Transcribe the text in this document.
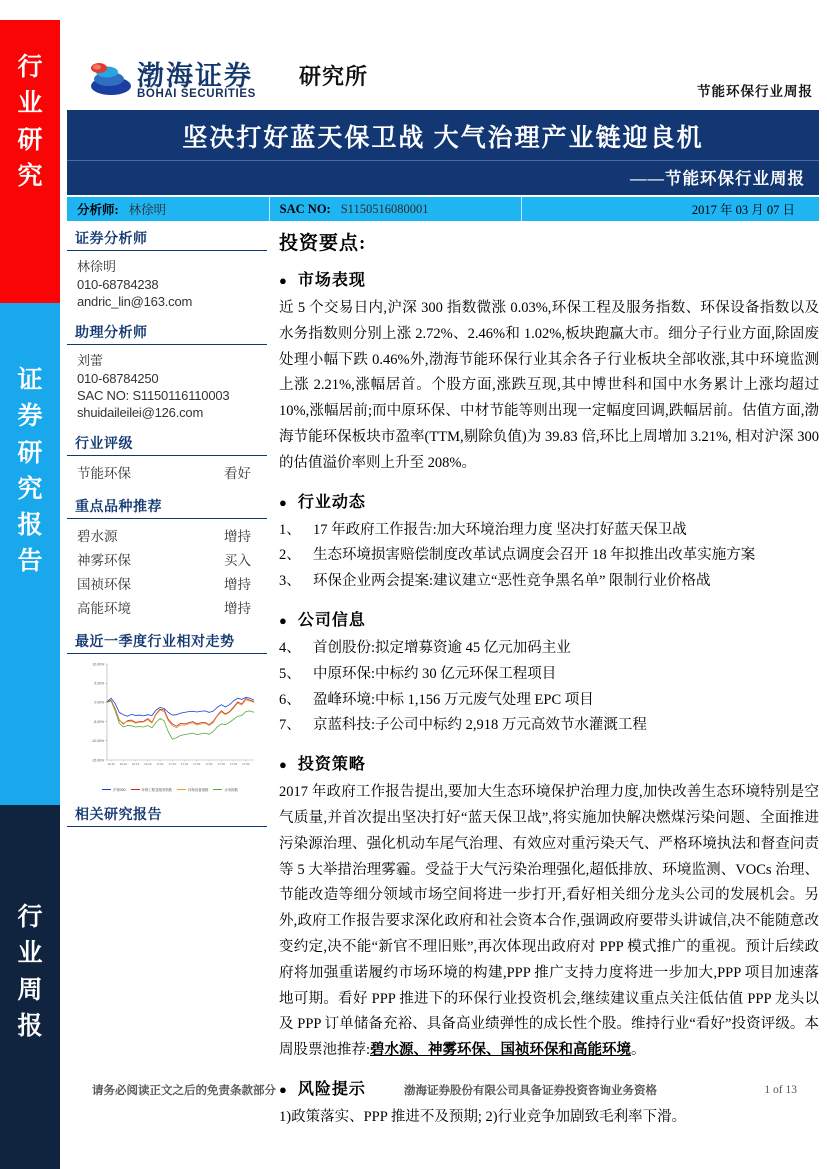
行
业
研
究
证
券
研
究
报
告
行
业
周
报
渤海证券
BOHAI SECURITIES
研究所
节能环保行业周报
坚决打好蓝天保卫战 大气治理产业链迎良机
——节能环保行业周报
分析师: 林徐明	SAC NO: S1150516080001	2017 年 03 月 07 日
证券分析师
林徐明
010-68784238
andric_lin@163.com
助理分析师
刘蕾
010-68784250
SAC NO: S1150116110003
shuidaileilei@126.com
行业评级
节能环保	看好
重点品种推荐
碧水源	增持
神雾环保	买入
国祯环保	增持
高能环境	增持
最近一季度行业相对走势
10.00%
5.00%
0.00%
-5.00%
-10.00%
-15.00%
16-12 16-12 16-12 16-12 17-01 17-01 17-01 17-01 17-01 17-02 17-02 17-02
沪深300	环保工程及服务指数	环保设备指数	水务指数
相关研究报告
投资要点:
● 市场表现

近 5 个交易日内,沪深 300 指数微涨 0.03%,环保工程及服务指数、环保设备指数以及水务指数则分别上涨 2.72%、2.46%和 1.02%,板块跑赢大市。细分子行业方面,除固废处理小幅下跌 0.46%外,渤海节能环保行业其余各子行业板块全部收涨,其中环境监测上涨 2.21%,涨幅居首。个股方面,涨跌互现,其中博世科和国中水务累计上涨均超过 10%,涨幅居前;而中原环保、中材节能等则出现一定幅度回调,跌幅居前。估值方面,渤海节能环保板块市盈率(TTM,剔除负值)为 39.83 倍,环比上周增加 3.21%, 相对沪深 300 的估值溢价率则上升至 208%。

● 行业动态
1、 17 年政府工作报告:加大环境治理力度 坚决打好蓝天保卫战
2、 生态环境损害赔偿制度改革试点调度会召开 18 年拟推出改革实施方案
3、 环保企业两会提案:建议建立“恶性竞争黑名单” 限制行业价格战
● 公司信息
4、 首创股份:拟定增募资逾 45 亿元加码主业
5、 中原环保:中标约 30 亿元环保工程项目
6、 盈峰环境:中标 1,156 万元废气处理 EPC 项目
7、 京蓝科技:子公司中标约 2,918 万元高效节水灌溉工程
● 投资策略

2017 年政府工作报告提出,要加大生态环境保护治理力度,加快改善生态环境特别是空气质量,并首次提出坚决打好“蓝天保卫战”,将实施加快解决燃煤污染问题、全面推进污染源治理、强化机动车尾气治理、有效应对重污染天气、严格环境执法和督查问责等 5 大举措治理雾霾。受益于大气污染治理强化,超低排放、环境监测、VOCs 治理、节能改造等细分领域市场空间将进一步打开,看好相关细分龙头公司的发展机会。另外,政府工作报告要求深化政府和社会资本合作,强调政府要带头讲诚信,决不能随意改变约定,决不能“新官不理旧账”,再次体现出政府对 PPP 模式推广的重视。预计后续政府将加强重诺履约市场环境的构建,PPP 推广支持力度将进一步加大,PPP 项目加速落地可期。看好 PPP 推进下的环保行业投资机会,继续建议重点关注低估值 PPP 龙头以及 PPP 订单储备充裕、具备高业绩弹性的成长性个股。维持行业“看好”投资评级。本周股票池推荐:碧水源、神雾环保、国祯环保和高能环境。

● 风险提示

1)政策落实、PPP 推进不及预期; 2)行业竞争加剧致毛利率下滑。

请务必阅读正文之后的免责条款部分	渤海证券股份有限公司具备证券投资咨询业务资格	1 of 13
